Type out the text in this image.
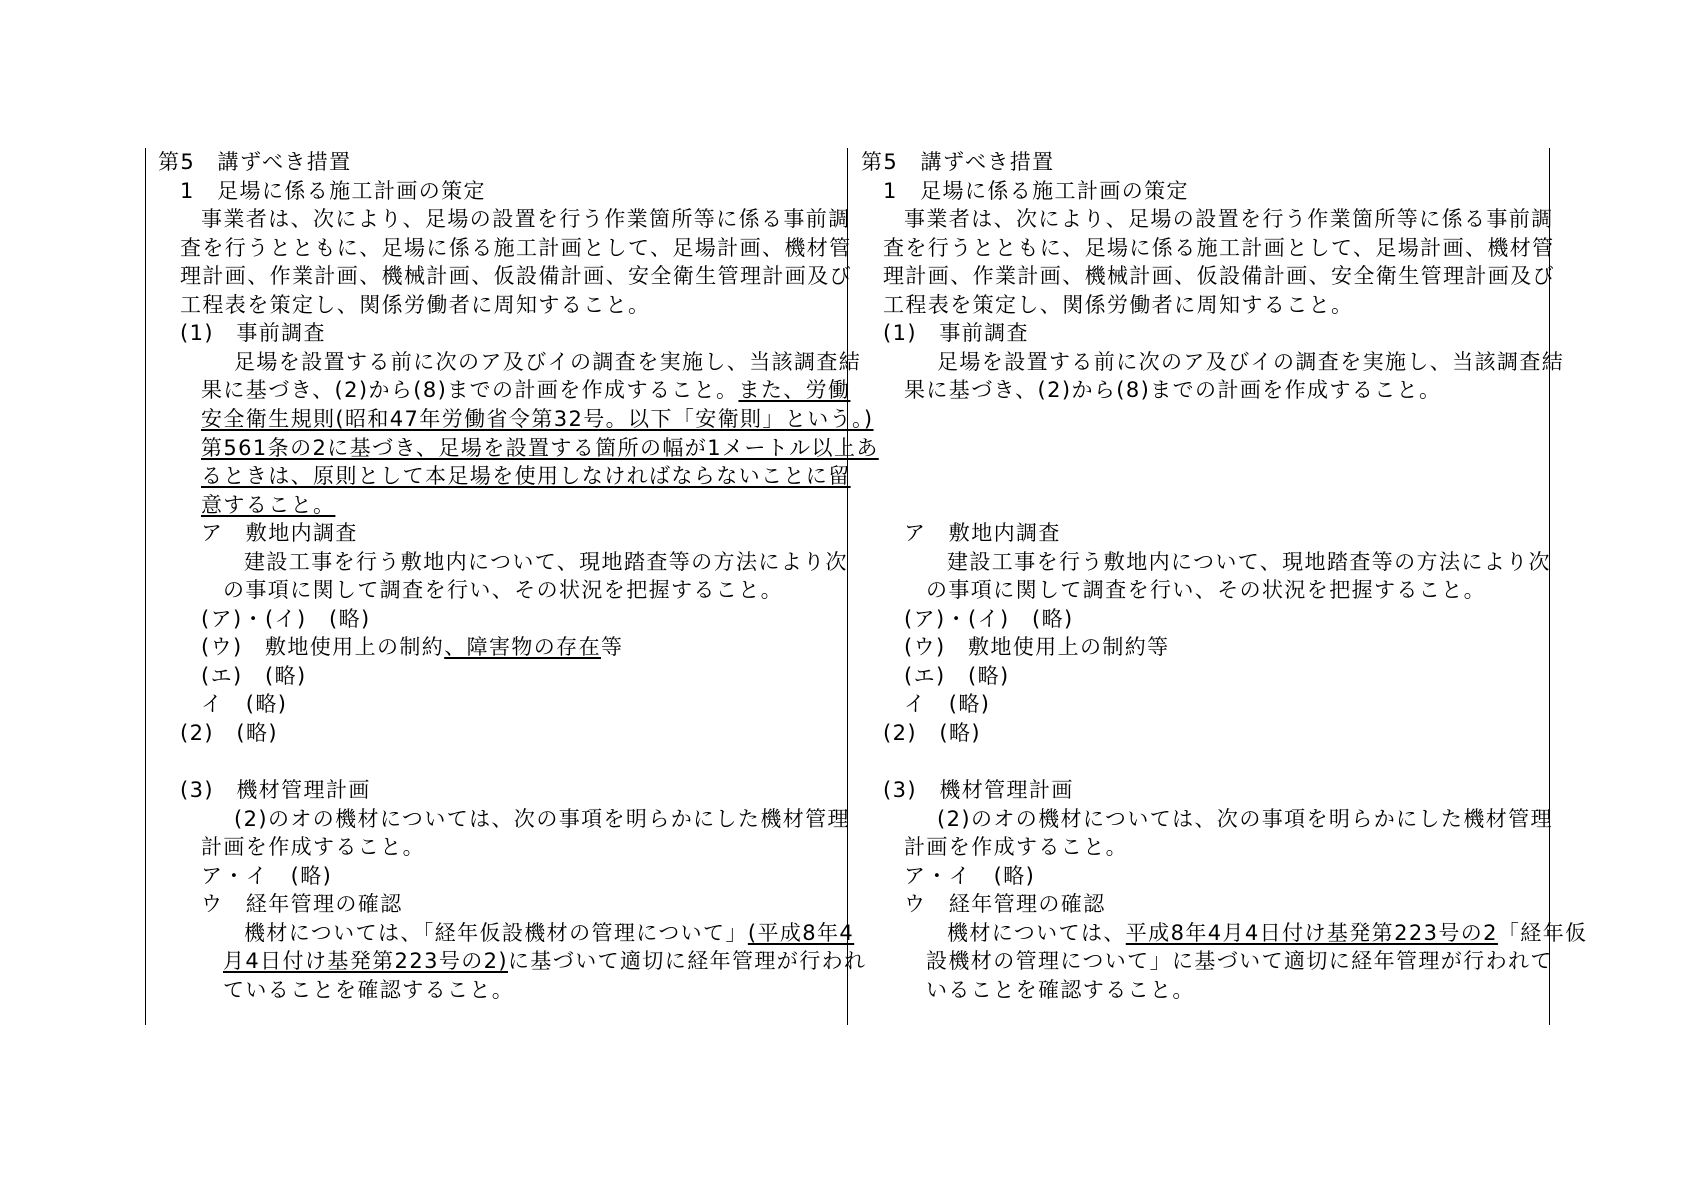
第5　講ずべき措置
1　足場に係る施工計画の策定
事業者は、次により、足場の設置を行う作業箇所等に係る事前調
査を行うとともに、足場に係る施工計画として、足場計画、機材管
理計画、作業計画、機械計画、仮設備計画、安全衛生管理計画及び
工程表を策定し、関係労働者に周知すること。
(1)　事前調査
足場を設置する前に次のア及びイの調査を実施し、当該調査結
果に基づき、(2)から(8)までの計画を作成すること。また、労働
安全衛生規則(昭和47年労働省令第32号。以下「安衛則」という。)
第561条の2に基づき、足場を設置する箇所の幅が1メートル以上あ
るときは、原則として本足場を使用しなければならないことに留
意すること。
ア　敷地内調査
建設工事を行う敷地内について、現地踏査等の方法により次
の事項に関して調査を行い、その状況を把握すること。
(ア)・(イ)　(略)
(ウ)　敷地使用上の制約、障害物の存在等
(エ)　(略)
イ　(略)
(2)　(略)
(3)　機材管理計画
(2)のオの機材については、次の事項を明らかにした機材管理
計画を作成すること。
ア・イ　(略)
ウ　経年管理の確認
機材については、「経年仮設機材の管理について」(平成8年4
月4日付け基発第223号の2)に基づいて適切に経年管理が行われ
ていることを確認すること。
第5　講ずべき措置
1　足場に係る施工計画の策定
事業者は、次により、足場の設置を行う作業箇所等に係る事前調
査を行うとともに、足場に係る施工計画として、足場計画、機材管
理計画、作業計画、機械計画、仮設備計画、安全衛生管理計画及び
工程表を策定し、関係労働者に周知すること。
(1)　事前調査
足場を設置する前に次のア及びイの調査を実施し、当該調査結
果に基づき、(2)から(8)までの計画を作成すること。
ア　敷地内調査
建設工事を行う敷地内について、現地踏査等の方法により次
の事項に関して調査を行い、その状況を把握すること。
(ア)・(イ)　(略)
(ウ)　敷地使用上の制約等
(エ)　(略)
イ　(略)
(2)　(略)
(3)　機材管理計画
(2)のオの機材については、次の事項を明らかにした機材管理
計画を作成すること。
ア・イ　(略)
ウ　経年管理の確認
機材については、平成8年4月4日付け基発第223号の2「経年仮
設機材の管理について」に基づいて適切に経年管理が行われて
いることを確認すること。
